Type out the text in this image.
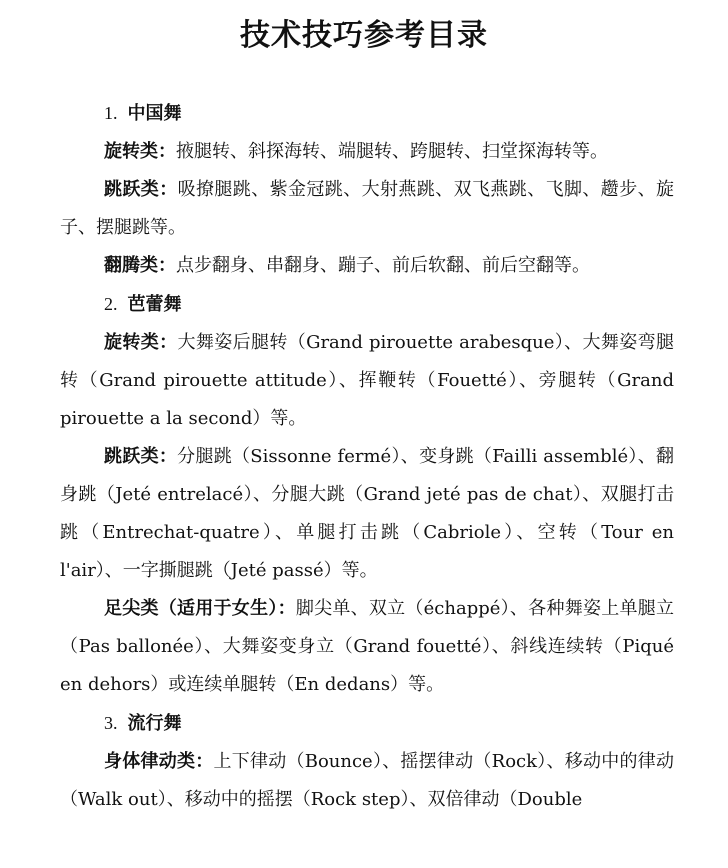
技术技巧参考目录
1. 中国舞
旋转类：掖腿转、斜探海转、端腿转、跨腿转、扫堂探海转等。
跳跃类：吸撩腿跳、紫金冠跳、大射燕跳、双飞燕跳、飞脚、趱步、旋子、摆腿跳等。
翻腾类：点步翻身、串翻身、蹦子、前后软翻、前后空翻等。
2. 芭蕾舞
旋转类：大舞姿后腿转（Grand pirouette arabesque）、大舞姿弯腿转（Grand pirouette attitude）、挥鞭转（Fouetté）、旁腿转（Grand pirouette a la second）等。
跳跃类：分腿跳（Sissonne fermé）、变身跳（Failli assemblé）、翻身跳（Jeté entrelacé）、分腿大跳（Grand jeté pas de chat）、双腿打击跳（Entrechat-quatre）、单腿打击跳（Cabriole）、空转（Tour en l'air）、一字撕腿跳（Jeté passé）等。
足尖类（适用于女生）：脚尖单、双立（échappé）、各种舞姿上单腿立（Pas ballonée）、大舞姿变身立（Grand fouetté）、斜线连续转（Piqué en dehors）或连续单腿转（En dedans）等。
3. 流行舞
身体律动类：上下律动（Bounce）、摇摆律动（Rock）、移动中的律动（Walk out）、移动中的摇摆（Rock step）、双倍律动（Double
